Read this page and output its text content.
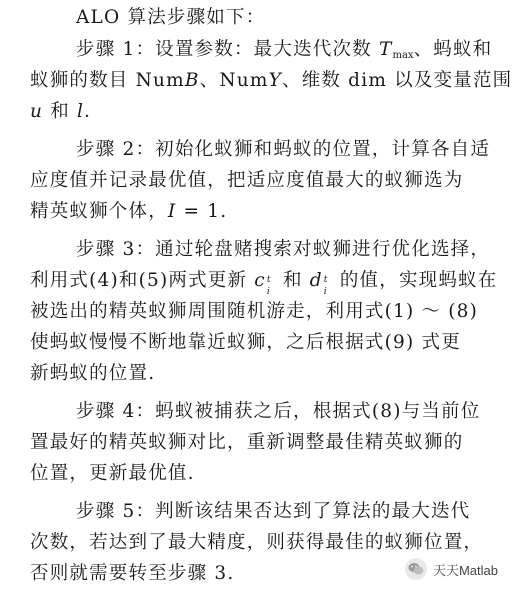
ALO 算法步骤如下：
步骤 1：设置参数：最大迭代次数 $T_{max}$、蚂蚁和
蚁狮的数目 NumB、NumY、维数 dim 以及变量范围
u 和 l．
步骤 2：初始化蚁狮和蚂蚁的位置，计算各自适
应度值并记录最优值，把适应度值最大的蚁狮选为
精英蚁狮个体，I = 1.
步骤 3：通过轮盘赌搜索对蚁狮进行优化选择，
利用式(4)和(5)两式更新 c t
i
和 d t
i
的值，实现蚂蚁在
被选出的精英蚁狮周围随机游走，利用式(1) ～ (8)
使蚂蚁慢慢不断地靠近蚁狮，之后根据式(9) 式更
新蚂蚁的位置.
步骤 4：蚂蚁被捕获之后，根据式(8)与当前位
置最好的精英蚁狮对比，重新调整最佳精英蚁狮的
位置，更新最优值.
步骤 5：判断该结果否达到了算法的最大迭代
次数，若达到了最大精度，则获得最佳的蚁狮位置，
否则就需要转至步骤 3.	天天Matlab
